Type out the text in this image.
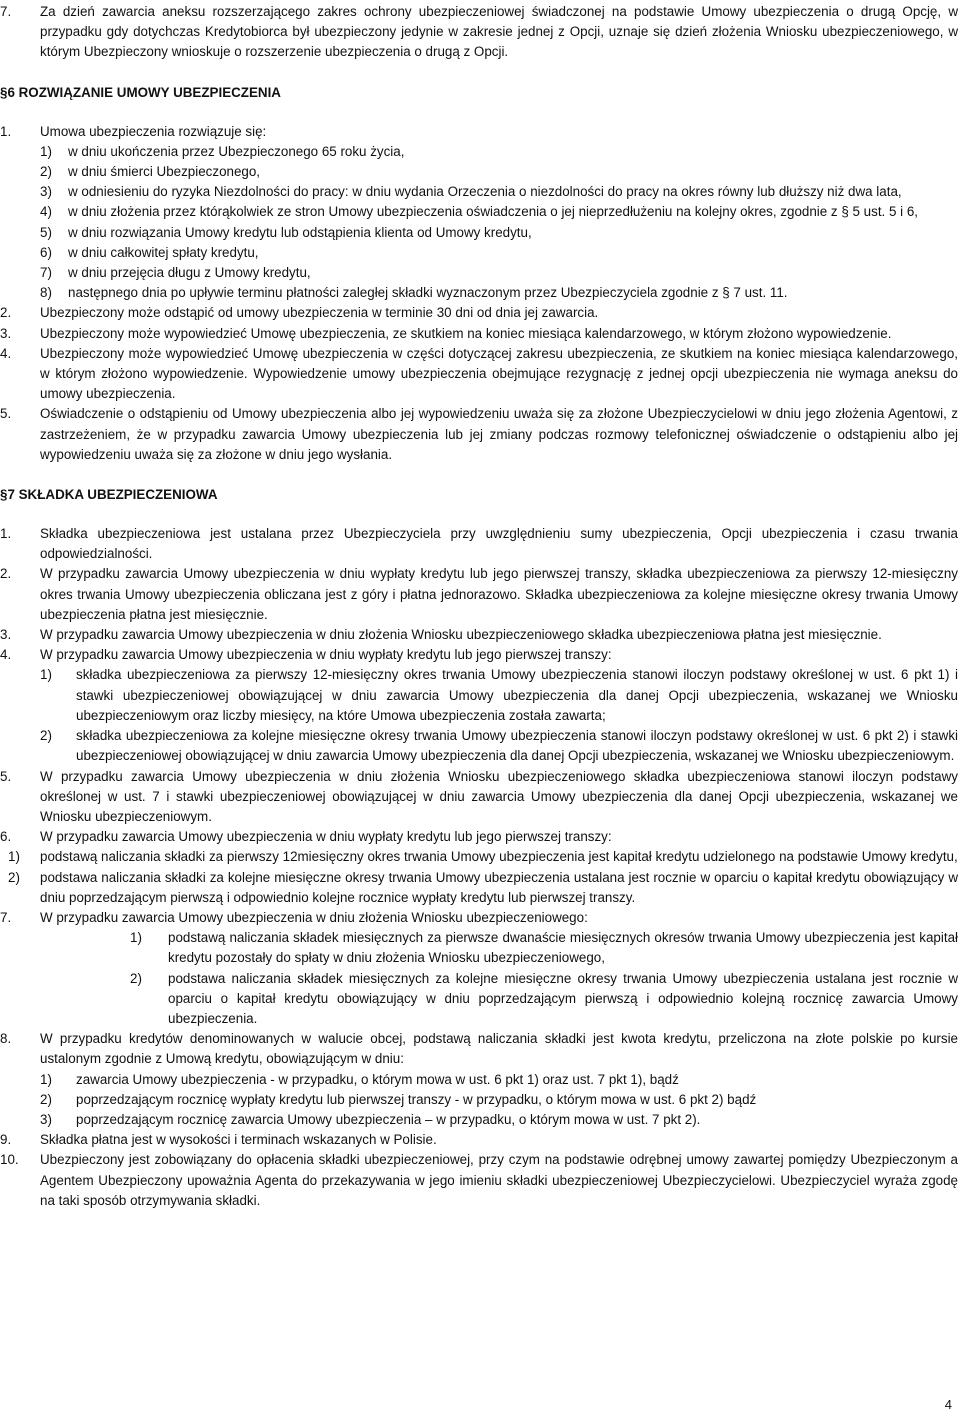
7.	Za dzień zawarcia aneksu rozszerzającego zakres ochrony ubezpieczeniowej świadczonej na podstawie Umowy ubezpieczenia o drugą Opcję, w przypadku gdy dotychczas Kredytobiorca był ubezpieczony jedynie w zakresie jednej z Opcji, uznaje się dzień złożenia Wniosku ubezpieczeniowego, w którym Ubezpieczony wnioskuje o rozszerzenie ubezpieczenia o drugą z Opcji.
§6 ROZWIĄZANIE UMOWY UBEZPIECZENIA
1.	Umowa ubezpieczenia rozwiązuje się:
1)	w dniu ukończenia przez Ubezpieczonego 65 roku życia,
2)	w dniu śmierci Ubezpieczonego,
3)	w odniesieniu do ryzyka Niezdolności do pracy: w dniu wydania Orzeczenia o niezdolności do pracy na okres równy lub dłuższy niż dwa lata,
4)	w dniu złożenia przez którąkolwiek ze stron Umowy ubezpieczenia oświadczenia o jej nieprzedłużeniu na kolejny okres, zgodnie z § 5 ust. 5 i 6,
5)	w dniu rozwiązania Umowy kredytu lub odstąpienia klienta od Umowy kredytu,
6)	w dniu całkowitej spłaty kredytu,
7)	w dniu przejęcia długu z Umowy kredytu,
8)	następnego dnia po upływie terminu płatności zaległej składki wyznaczonym przez Ubezpieczyciela zgodnie z § 7 ust. 11.
2.	Ubezpieczony może odstąpić od umowy ubezpieczenia w terminie 30 dni od dnia jej zawarcia.
3.	Ubezpieczony może wypowiedzieć Umowę ubezpieczenia, ze skutkiem na koniec miesiąca kalendarzowego, w którym złożono wypowiedzenie.
4.	Ubezpieczony może wypowiedzieć Umowę ubezpieczenia w części dotyczącej zakresu ubezpieczenia, ze skutkiem na koniec miesiąca kalendarzowego, w którym złożono wypowiedzenie. Wypowiedzenie umowy ubezpieczenia obejmujące rezygnację z jednej opcji ubezpieczenia nie wymaga aneksu do umowy ubezpieczenia.
5.	Oświadczenie o odstąpieniu od Umowy ubezpieczenia albo jej wypowiedzeniu uważa się za złożone Ubezpieczycielowi w dniu jego złożenia Agentowi, z zastrzeżeniem, że w przypadku zawarcia Umowy ubezpieczenia lub jej zmiany podczas rozmowy telefonicznej oświadczenie o odstąpieniu albo jej wypowiedzeniu uważa się za złożone w dniu jego wysłania.
§7 SKŁADKA UBEZPIECZENIOWA
1.	Składka ubezpieczeniowa jest ustalana przez Ubezpieczyciela przy uwzględnieniu sumy ubezpieczenia, Opcji ubezpieczenia i czasu trwania odpowiedzialności.
2.	W przypadku zawarcia Umowy ubezpieczenia w dniu wypłaty kredytu lub jego pierwszej transzy, składka ubezpieczeniowa za pierwszy 12-miesięczny okres trwania Umowy ubezpieczenia obliczana jest z góry i płatna jednorazowo. Składka ubezpieczeniowa za kolejne miesięczne okresy trwania Umowy ubezpieczenia płatna jest miesięcznie.
3.	W przypadku zawarcia Umowy ubezpieczenia w dniu złożenia Wniosku ubezpieczeniowego składka ubezpieczeniowa płatna jest miesięcznie.
4.	W przypadku zawarcia Umowy ubezpieczenia w dniu wypłaty kredytu lub jego pierwszej transzy:
1)	składka ubezpieczeniowa za pierwszy 12-miesięczny okres trwania Umowy ubezpieczenia stanowi iloczyn podstawy określonej w ust. 6 pkt 1) i stawki ubezpieczeniowej obowiązującej w dniu zawarcia Umowy ubezpieczenia dla danej Opcji ubezpieczenia, wskazanej we Wniosku ubezpieczeniowym oraz liczby miesięcy, na które Umowa ubezpieczenia została zawarta;
2)	składka ubezpieczeniowa za kolejne miesięczne okresy trwania Umowy ubezpieczenia stanowi iloczyn podstawy określonej w ust. 6 pkt 2) i stawki ubezpieczeniowej obowiązującej w dniu zawarcia Umowy ubezpieczenia dla danej Opcji ubezpieczenia, wskazanej we Wniosku ubezpieczeniowym.
5.	W przypadku zawarcia Umowy ubezpieczenia w dniu złożenia Wniosku ubezpieczeniowego składka ubezpieczeniowa stanowi iloczyn podstawy określonej w ust. 7 i stawki ubezpieczeniowej obowiązującej w dniu zawarcia Umowy ubezpieczenia dla danej Opcji ubezpieczenia, wskazanej we Wniosku ubezpieczeniowym.
6.	W przypadku zawarcia Umowy ubezpieczenia w dniu wypłaty kredytu lub jego pierwszej transzy:
1)	podstawą naliczania składki za pierwszy 12miesięczny okres trwania Umowy ubezpieczenia jest kapitał kredytu udzielonego na podstawie Umowy kredytu,
2)	podstawa naliczania składki za kolejne miesięczne okresy trwania Umowy ubezpieczenia ustalana jest rocznie w oparciu o kapitał kredytu obowiązujący w dniu poprzedzającym pierwszą i odpowiednio kolejne rocznice wypłaty kredytu lub pierwszej transzy.
7.	W przypadku zawarcia Umowy ubezpieczenia w dniu złożenia Wniosku ubezpieczeniowego:
1)	podstawą naliczania składek miesięcznych za pierwsze dwanaście miesięcznych okresów trwania Umowy ubezpieczenia jest kapitał kredytu pozostały do spłaty w dniu złożenia Wniosku ubezpieczeniowego,
2)	podstawa naliczania składek miesięcznych za kolejne miesięczne okresy trwania Umowy ubezpieczenia ustalana jest rocznie w oparciu o kapitał kredytu obowiązujący w dniu poprzedzającym pierwszą i odpowiednio kolejną rocznicę zawarcia Umowy ubezpieczenia.
8.	W przypadku kredytów denominowanych w walucie obcej, podstawą naliczania składki jest kwota kredytu, przeliczona na złote polskie po kursie ustalonym zgodnie z Umową kredytu, obowiązującym w dniu:
1)	zawarcia Umowy ubezpieczenia - w przypadku, o którym mowa w ust. 6 pkt 1) oraz ust. 7 pkt 1), bądź
2)	poprzedzającym rocznicę wypłaty kredytu lub pierwszej transzy - w przypadku, o którym mowa w ust. 6 pkt 2) bądź
3)	poprzedzającym rocznicę zawarcia Umowy ubezpieczenia – w przypadku, o którym mowa w ust. 7 pkt 2).
9.	Składka płatna jest w wysokości i terminach wskazanych w Polisie.
10.	Ubezpieczony jest zobowiązany do opłacenia składki ubezpieczeniowej, przy czym na podstawie odrębnej umowy zawartej pomiędzy Ubezpieczonym a Agentem Ubezpieczony upoważnia Agenta do przekazywania w jego imieniu składki ubezpieczeniowej Ubezpieczycielowi. Ubezpieczyciel wyraża zgodę na taki sposób otrzymywania składki.
4
